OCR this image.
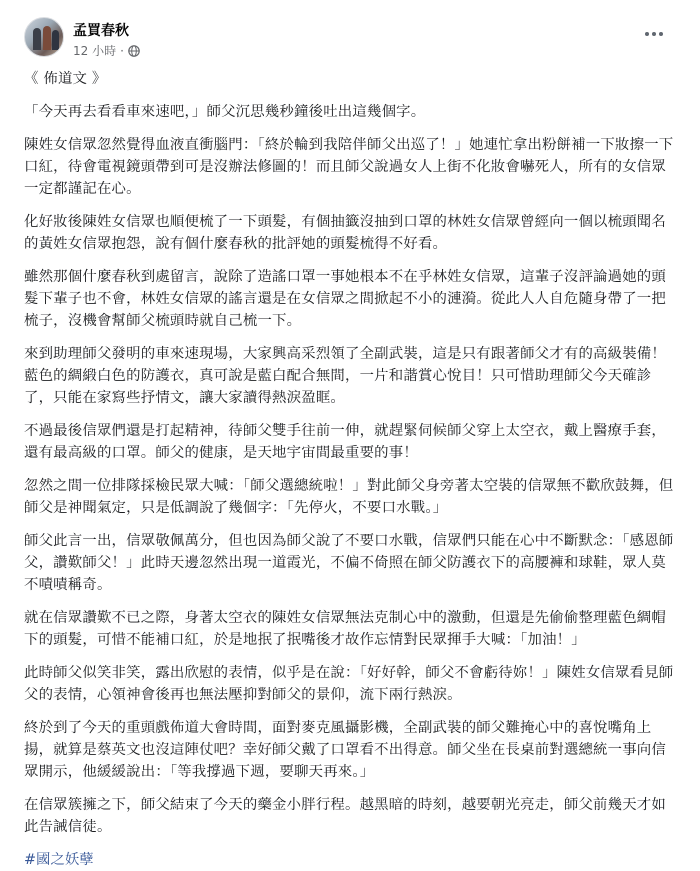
孟買春秋
12 小時 ·

《 佈道文 》

「今天再去看看車來速吧，」師父沉思幾秒鐘後吐出這幾個字。

陳姓女信眾忽然覺得血液直衝腦門：「終於輪到我陪伴師父出巡了！」她連忙拿出粉餅補一下妝擦一下口紅，待會電視鏡頭帶到可是沒辦法修圖的！而且師父說過女人上街不化妝會嚇死人，所有的女信眾一定都謹記在心。

化好妝後陳姓女信眾也順便梳了一下頭髮，有個抽籤沒抽到口罩的林姓女信眾曾經向一個以梳頭聞名的黃姓女信眾抱怨，說有個什麼春秋的批評她的頭髮梳得不好看。

雖然那個什麼春秋到處留言，說除了造謠口罩一事她根本不在乎林姓女信眾，這輩子沒評論過她的頭髮下輩子也不會，林姓女信眾的謠言還是在女信眾之間掀起不小的漣漪。從此人人自危隨身帶了一把梳子，沒機會幫師父梳頭時就自己梳一下。

來到助理師父發明的車來速現場，大家興高采烈領了全副武裝，這是只有跟著師父才有的高級裝備！藍色的綢緞白色的防護衣，真可說是藍白配合無間，一片和諧賞心悅目！只可惜助理師父今天確診了，只能在家寫些抒情文，讓大家讀得熱淚盈眶。

不過最後信眾們還是打起精神，待師父雙手往前一伸，就趕緊伺候師父穿上太空衣，戴上醫療手套，還有最高級的口罩。師父的健康，是天地宇宙間最重要的事！

忽然之間一位排隊採檢民眾大喊：「師父選總統啦！」對此師父身旁著太空裝的信眾無不歡欣鼓舞，但師父是神聞氣定，只是低調說了幾個字：「先停火，不要口水戰。」

師父此言一出，信眾敬佩萬分，但也因為師父說了不要口水戰，信眾們只能在心中不斷默念：「感恩師父，讚歎師父！」此時天邊忽然出現一道霞光，不偏不倚照在師父防護衣下的高腰褲和球鞋，眾人莫不嘖嘖稱奇。

就在信眾讚歎不已之際，身著太空衣的陳姓女信眾無法克制心中的激動，但還是先偷偷整理藍色綢帽下的頭髮，可惜不能補口紅，於是地抿了抿嘴後才故作忘情對民眾揮手大喊：「加油！」

此時師父似笑非笑，露出欣慰的表情，似乎是在說：「好好幹，師父不會虧待妳！」陳姓女信眾看見師父的表情，心領神會後再也無法壓抑對師父的景仰，流下兩行熱淚。

終於到了今天的重頭戲佈道大會時間，面對麥克風攝影機，全副武裝的師父難掩心中的喜悅嘴角上揚，就算是蔡英文也沒這陣仗吧？幸好師父戴了口罩看不出得意。師父坐在長桌前對選總統一事向信眾開示，他緩緩說出：「等我撐過下週，要聊天再來。」

在信眾簇擁之下，師父結束了今天的藥金小胖行程。越黑暗的時刻，越要朝光亮走，師父前幾天才如此告誡信徒。

#國之妖孽
